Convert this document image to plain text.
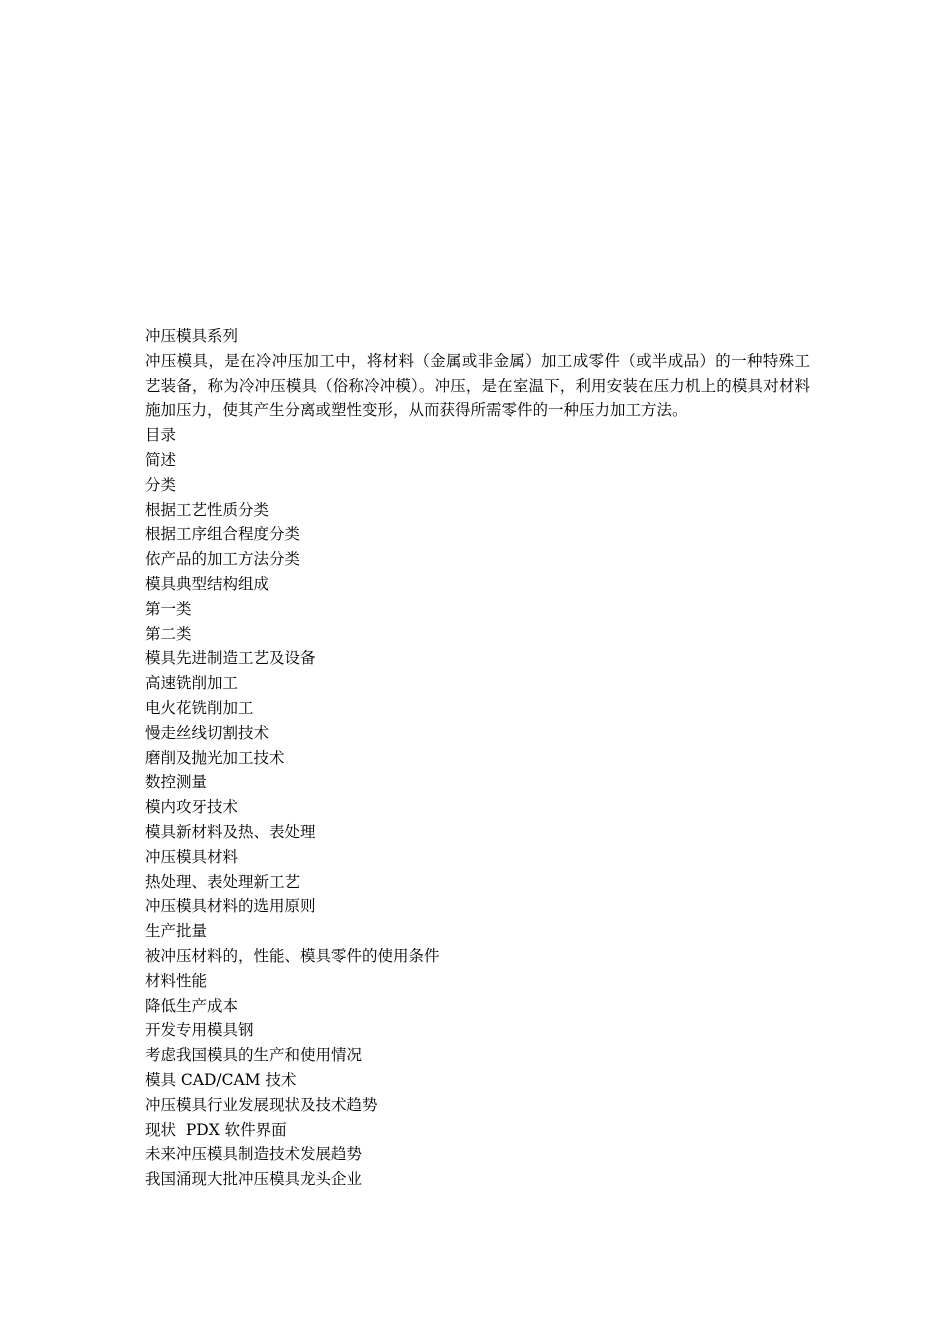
冲压模具系列
冲压模具，是在冷冲压加工中，将材料（金属或非金属）加工成零件（或半成品）的一种特殊工艺装备，称为冷冲压模具（俗称冷冲模）。冲压，是在室温下，利用安装在压力机上的模具对材料施加压力，使其产生分离或塑性变形，从而获得所需零件的一种压力加工方法。
目录
简述
分类
根据工艺性质分类
根据工序组合程度分类
依产品的加工方法分类
模具典型结构组成
第一类
第二类
模具先进制造工艺及设备
高速铣削加工
电火花铣削加工
慢走丝线切割技术
磨削及抛光加工技术
数控测量
模内攻牙技术
模具新材料及热、表处理
冲压模具材料
热处理、表处理新工艺
冲压模具材料的选用原则
生产批量
被冲压材料的，性能、模具零件的使用条件
材料性能
降低生产成本
开发专用模具钢
考虑我国模具的生产和使用情况
模具 CAD/CAM 技术
冲压模具行业发展现状及技术趋势
现状  PDX 软件界面
未来冲压模具制造技术发展趋势
我国涌现大批冲压模具龙头企业
